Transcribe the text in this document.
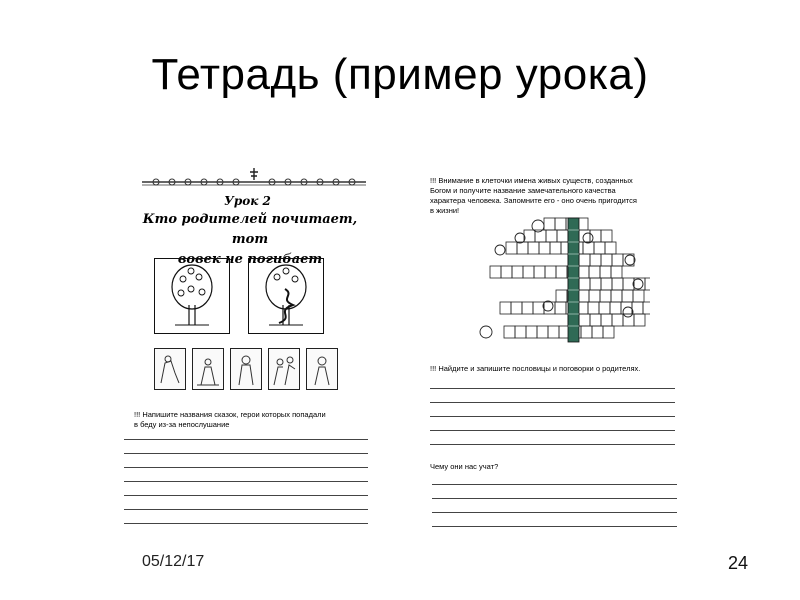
Тетрадь (пример урока)
Урок 2
Кто родителей почитает, тот
вовек не погибает
!!! Напишите названия сказок, герои которых попадали
в беду из-за непослушание
!!! Внимание в клеточки имена живых существ, созданных
Богом и получите название замечательного качества
характера человека. Запомните его - оно очень пригодится
в жизни!
!!! Найдите и запишите пословицы и поговорки о родителях.
Чему они нас учат?
05/12/17	24
